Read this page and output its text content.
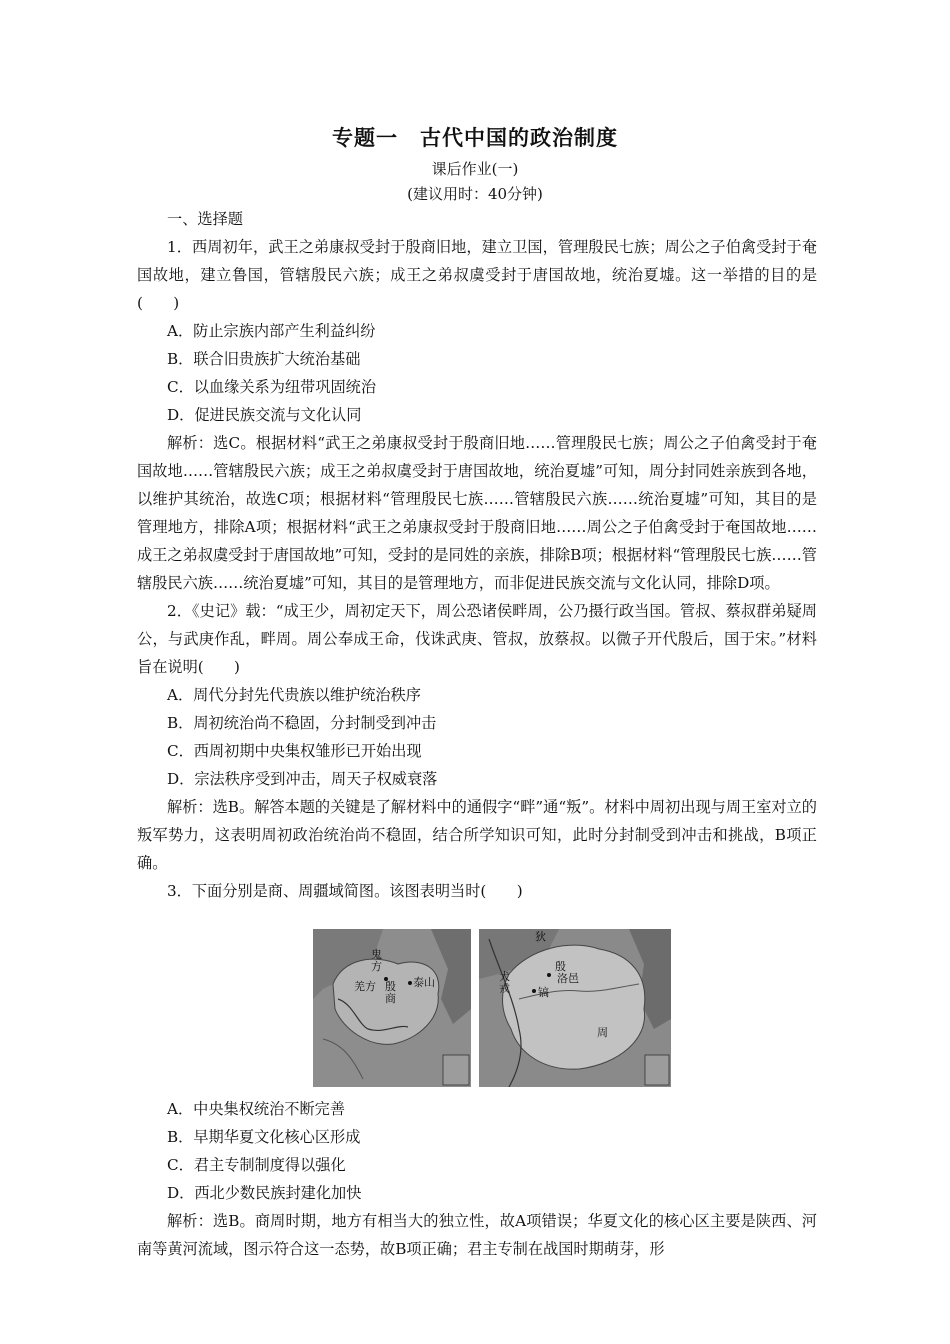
专题一　古代中国的政治制度
课后作业(一)
(建议用时：40分钟)

一、选择题

1．西周初年，武王之弟康叔受封于殷商旧地，建立卫国，管理殷民七族；周公之子伯禽受封于奄国故地，建立鲁国，管辖殷民六族；成王之弟叔虞受封于唐国故地，统治夏墟。这一举措的目的是(　　)

A．防止宗族内部产生利益纠纷

B．联合旧贵族扩大统治基础

C．以血缘关系为纽带巩固统治

D．促进民族交流与文化认同

解析：选C。根据材料“武王之弟康叔受封于殷商旧地……管理殷民七族；周公之子伯禽受封于奄国故地……管辖殷民六族；成王之弟叔虞受封于唐国故地，统治夏墟”可知，周分封同姓亲族到各地，以维护其统治，故选C项；根据材料“管理殷民七族……管辖殷民六族……统治夏墟”可知，其目的是管理地方，排除A项；根据材料“武王之弟康叔受封于殷商旧地……周公之子伯禽受封于奄国故地……成王之弟叔虞受封于唐国故地”可知，受封的是同姓的亲族，排除B项；根据材料“管理殷民七族……管辖殷民六族……统治夏墟”可知，其目的是管理地方，而非促进民族交流与文化认同，排除D项。

2．《史记》载：“成王少，周初定天下，周公恐诸侯畔周，公乃摄行政当国。管叔、蔡叔群弟疑周公，与武庚作乱，畔周。周公奉成王命，伐诛武庚、管叔，放蔡叔。以微子开代殷后，国于宋。”材料旨在说明(　　)

A．周代分封先代贵族以维护统治秩序

B．周初统治尚不稳固，分封制受到冲击

C．西周初期中央集权雏形已开始出现

D．宗法秩序受到冲击，周天子权威衰落

解析：选B。解答本题的关键是了解材料中的通假字“畔”通“叛”。材料中周初出现与周王室对立的叛军势力，这表明周初政治统治尚不稳固，结合所学知识可知，此时分封制受到冲击和挑战，B项正确。

3．下面分别是商、周疆域简图。该图表明当时(　　)

鬼方
羌方 殷商
泰山
狄
犬戎
殷
洛邑
镐
周

A．中央集权统治不断完善

B．早期华夏文化核心区形成

C．君主专制制度得以强化

D．西北少数民族封建化加快

解析：选B。商周时期，地方有相当大的独立性，故A项错误；华夏文化的核心区主要是陕西、河南等黄河流域，图示符合这一态势，故B项正确；君主专制在战国时期萌芽，形
